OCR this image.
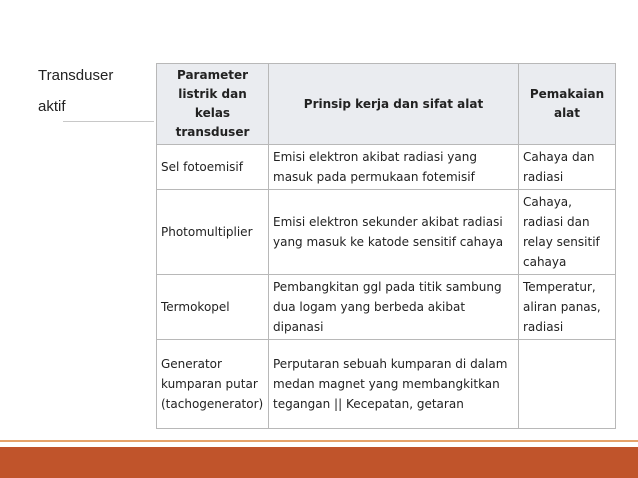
Transduser
aktif
Parameter listrik dan kelas transduser	Prinsip kerja dan sifat alat	Pemakaian alat
Sel fotoemisif	Emisi elektron akibat radiasi yang masuk pada permukaan fotemisif	Cahaya dan radiasi
Photomultiplier	Emisi elektron sekunder akibat radiasi yang masuk ke katode sensitif cahaya	Cahaya, radiasi dan relay sensitif cahaya
Termokopel	Pembangkitan ggl pada titik sambung dua logam yang berbeda akibat dipanasi	Temperatur, aliran panas, radiasi
Generator kumparan putar (tachogenerator)	Perputaran sebuah kumparan di dalam medan magnet yang membangkitkan tegangan || Kecepatan, getaran	
